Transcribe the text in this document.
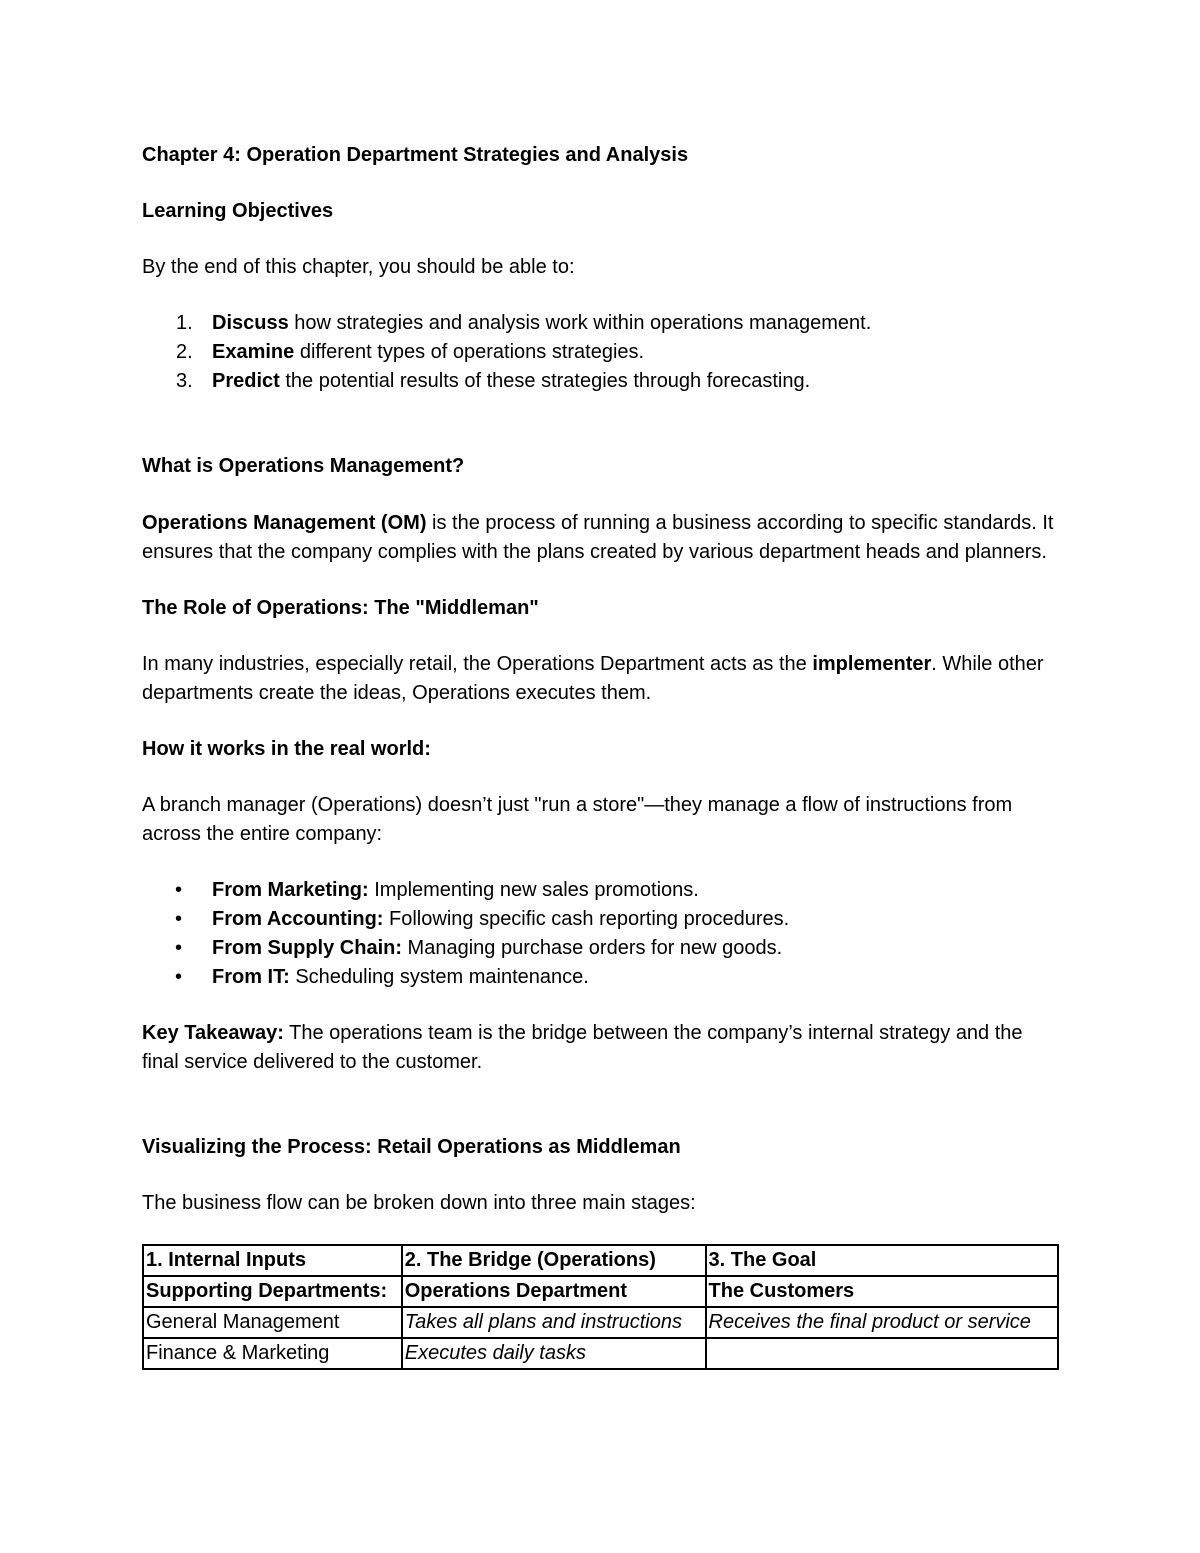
Chapter 4: Operation Department Strategies and Analysis
Learning Objectives

By the end of this chapter, you should be able to:

1. Discuss how strategies and analysis work within operations management.
2. Examine different types of operations strategies.
3. Predict the potential results of these strategies through forecasting.
What is Operations Management?

Operations Management (OM) is the process of running a business according to specific standards. It ensures that the company complies with the plans created by various department heads and planners.

The Role of Operations: The "Middleman"

In many industries, especially retail, the Operations Department acts as the implementer. While other departments create the ideas, Operations executes them.

How it works in the real world:

A branch manager (Operations) doesn’t just "run a store"—they manage a flow of instructions from across the entire company:

• From Marketing: Implementing new sales promotions.
• From Accounting: Following specific cash reporting procedures.
• From Supply Chain: Managing purchase orders for new goods.
• From IT: Scheduling system maintenance.

Key Takeaway: The operations team is the bridge between the company’s internal strategy and the final service delivered to the customer.

Visualizing the Process: Retail Operations as Middleman

The business flow can be broken down into three main stages:

1. Internal Inputs	2. The Bridge (Operations)	3. The Goal
Supporting Departments:	Operations Department	The Customers
General Management	Takes all plans and instructions	Receives the final product or service
Finance & Marketing	Executes daily tasks	
